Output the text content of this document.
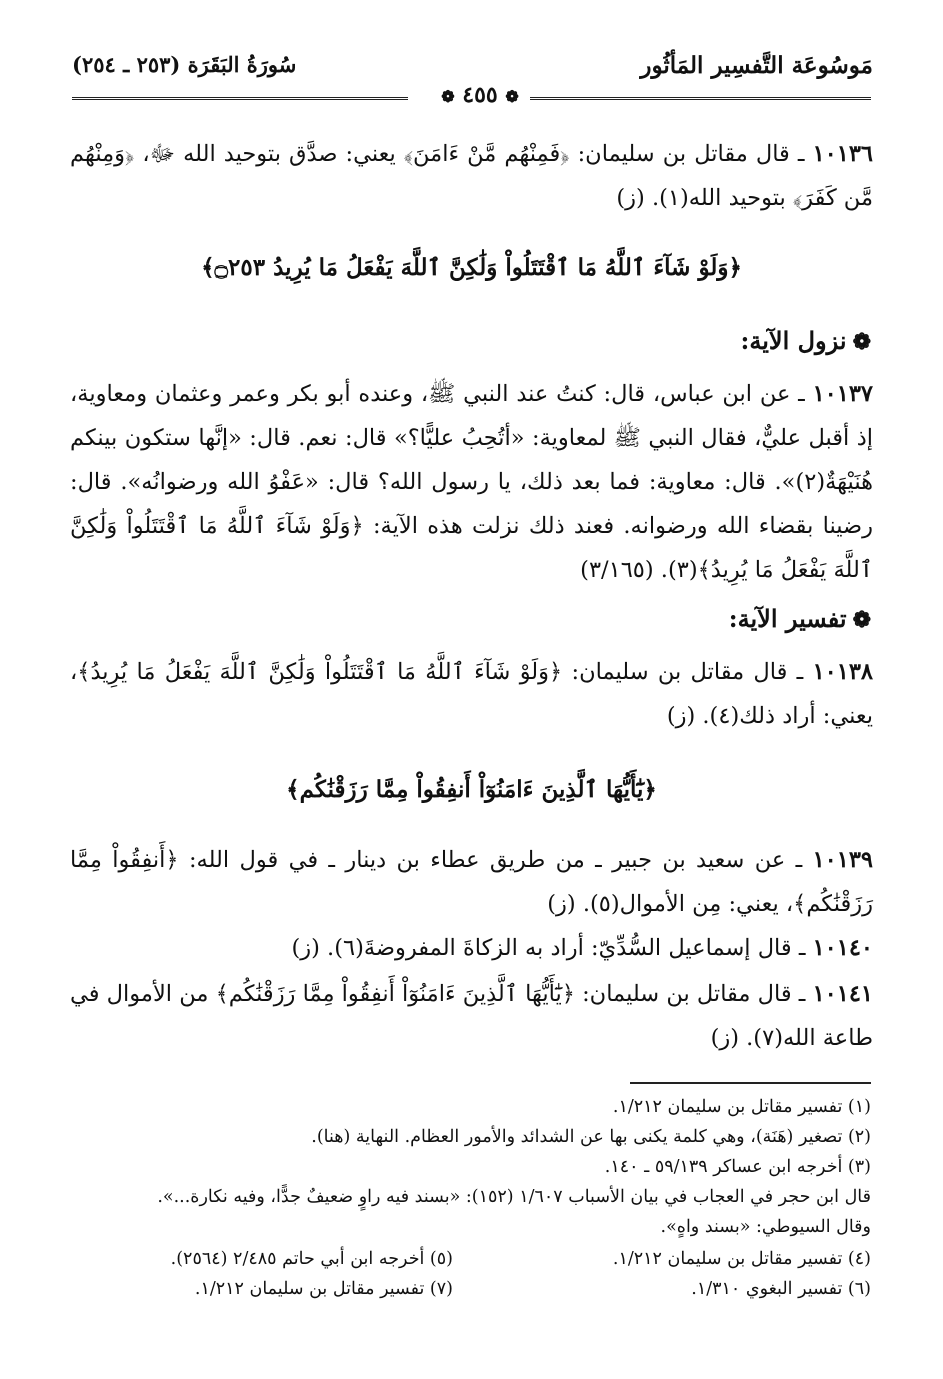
مَوسُوعَة التَّفسِير المَأثُور
سُورَةُ البَقَرَة (٢٥٣ ـ ٢٥٤)
❁ ٤٥٥ ❁
١٠١٣٦ ـ قال مقاتل بن سليمان: ﴿فَمِنْهُم مَّنْ ءَامَنَ﴾ يعني: صدَّق بتوحيد الله ﷻ، ﴿وَمِنْهُم مَّن كَفَرَ﴾ بتوحيد الله(١). (ز)
﴿وَلَوْ شَآءَ ٱللَّهُ مَا ٱقْتَتَلُواْ وَلَٰكِنَّ ٱللَّهَ يَفْعَلُ مَا يُرِيدُ ۝٢٥٣﴾
❁نزول الآية:
١٠١٣٧ ـ عن ابن عباس، قال: كنتُ عند النبي ﷺ، وعنده أبو بكر وعمر وعثمان ومعاوية، إذ أقبل عليٌّ، فقال النبي ﷺ لمعاوية: «أتُحِبُ عليًّا؟» قال: نعم. قال: «إنَّها ستكون بينكم هُنَيْهَةٌ(٢)». قال: معاوية: فما بعد ذلك، يا رسول الله؟ قال: «عَفْوُ الله ورضوانُه». قال: رضينا بقضاء الله ورضوانه. فعند ذلك نزلت هذه الآية: ﴿وَلَوْ شَآءَ ٱللَّهُ مَا ٱقْتَتَلُواْ وَلَٰكِنَّ ٱللَّهَ يَفْعَلُ مَا يُرِيدُ﴾(٣). (٣/١٦٥)
❁تفسير الآية:
١٠١٣٨ ـ قال مقاتل بن سليمان: ﴿وَلَوْ شَآءَ ٱللَّهُ مَا ٱقْتَتَلُواْ وَلَٰكِنَّ ٱللَّهَ يَفْعَلُ مَا يُرِيدُ﴾، يعني: أراد ذلك(٤). (ز)
﴿يَٰٓأَيُّهَا ٱلَّذِينَ ءَامَنُوٓاْ أَنفِقُواْ مِمَّا رَزَقْنَٰكُم﴾
١٠١٣٩ ـ عن سعيد بن جبير ـ من طريق عطاء بن دينار ـ في قول الله: ﴿أَنفِقُواْ مِمَّا رَزَقْنَٰكُم﴾، يعني: مِن الأموال(٥). (ز)
١٠١٤٠ ـ قال إسماعيل السُّدِّيّ: أراد به الزكاةَ المفروضةَ(٦). (ز)
١٠١٤١ ـ قال مقاتل بن سليمان: ﴿يَٰٓأَيُّهَا ٱلَّذِينَ ءَامَنُوٓاْ أَنفِقُواْ مِمَّا رَزَقْنَٰكُم﴾ من الأموال في طاعة الله(٧). (ز)
(١) تفسير مقاتل بن سليمان ١/٢١٢.
(٢) تصغير (هَنَة)، وهي كلمة يكنى بها عن الشدائد والأمور العظام. النهاية (هنا).
(٣) أخرجه ابن عساكر ٥٩/١٣٩ ـ ١٤٠.
قال ابن حجر في العجاب في بيان الأسباب ١/٦٠٧ (١٥٢): «بسند فيه راوٍ ضعيفٌ جدًّا، وفيه نكارة...».
وقال السيوطي: «بسند واهٍ».
(٤) تفسير مقاتل بن سليمان ١/٢١٢.
(٥) أخرجه ابن أبي حاتم ٢/٤٨٥ (٢٥٦٤).
(٦) تفسير البغوي ١/٣١٠.
(٧) تفسير مقاتل بن سليمان ١/٢١٢.
